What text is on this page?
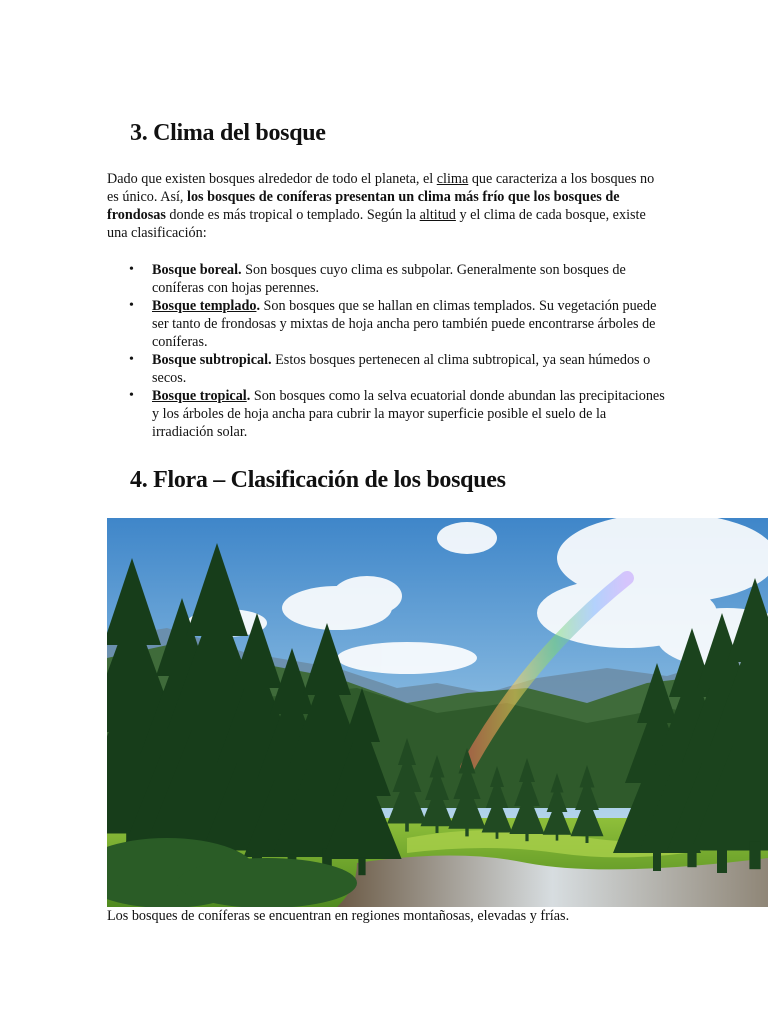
3. Clima del bosque

Dado que existen bosques alrededor de todo el planeta, el clima que caracteriza a los bosques no es único. Así, los bosques de coníferas presentan un clima más frío que los bosques de frondosas donde es más tropical o templado. Según la altitud y el clima de cada bosque, existe una clasificación:

• Bosque boreal. Son bosques cuyo clima es subpolar. Generalmente son bosques de coníferas con hojas perennes.
• Bosque templado. Son bosques que se hallan en climas templados. Su vegetación puede ser tanto de frondosas y mixtas de hoja ancha pero también puede encontrarse árboles de coníferas.
• Bosque subtropical. Estos bosques pertenecen al clima subtropical, ya sean húmedos o secos.
• Bosque tropical. Son bosques como la selva ecuatorial donde abundan las precipitaciones y los árboles de hoja ancha para cubrir la mayor superficie posible el suelo de la irradiación solar.
4. Flora – Clasificación de los bosques

Los bosques de coníferas se encuentran en regiones montañosas, elevadas y frías.
